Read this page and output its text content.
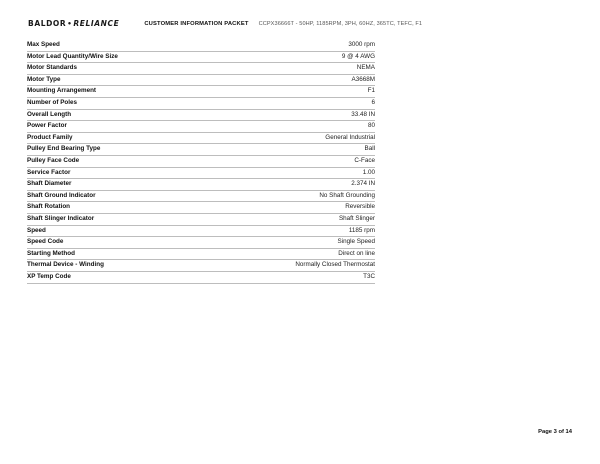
BALDOR•RELIANCE	CUSTOMER INFORMATION PACKET CCPX36666T - 50HP, 1185RPM, 3PH, 60HZ, 365TC, TEFC, F1
Max Speed	3000 rpm
Motor Lead Quantity/Wire Size	9 @ 4 AWG
Motor Standards	NEMA
Motor Type	A3668M
Mounting Arrangement	F1
Number of Poles	6
Overall Length	33.48 IN
Power Factor	80
Product Family	General Industrial
Pulley End Bearing Type	Ball
Pulley Face Code	C-Face
Service Factor	1.00
Shaft Diameter	2.374 IN
Shaft Ground Indicator	No Shaft Grounding
Shaft Rotation	Reversible
Shaft Slinger Indicator	Shaft Slinger
Speed	1185 rpm
Speed Code	Single Speed
Starting Method	Direct on line
Thermal Device - Winding	Normally Closed Thermostat
XP Temp Code	T3C
Page 3 of 14
